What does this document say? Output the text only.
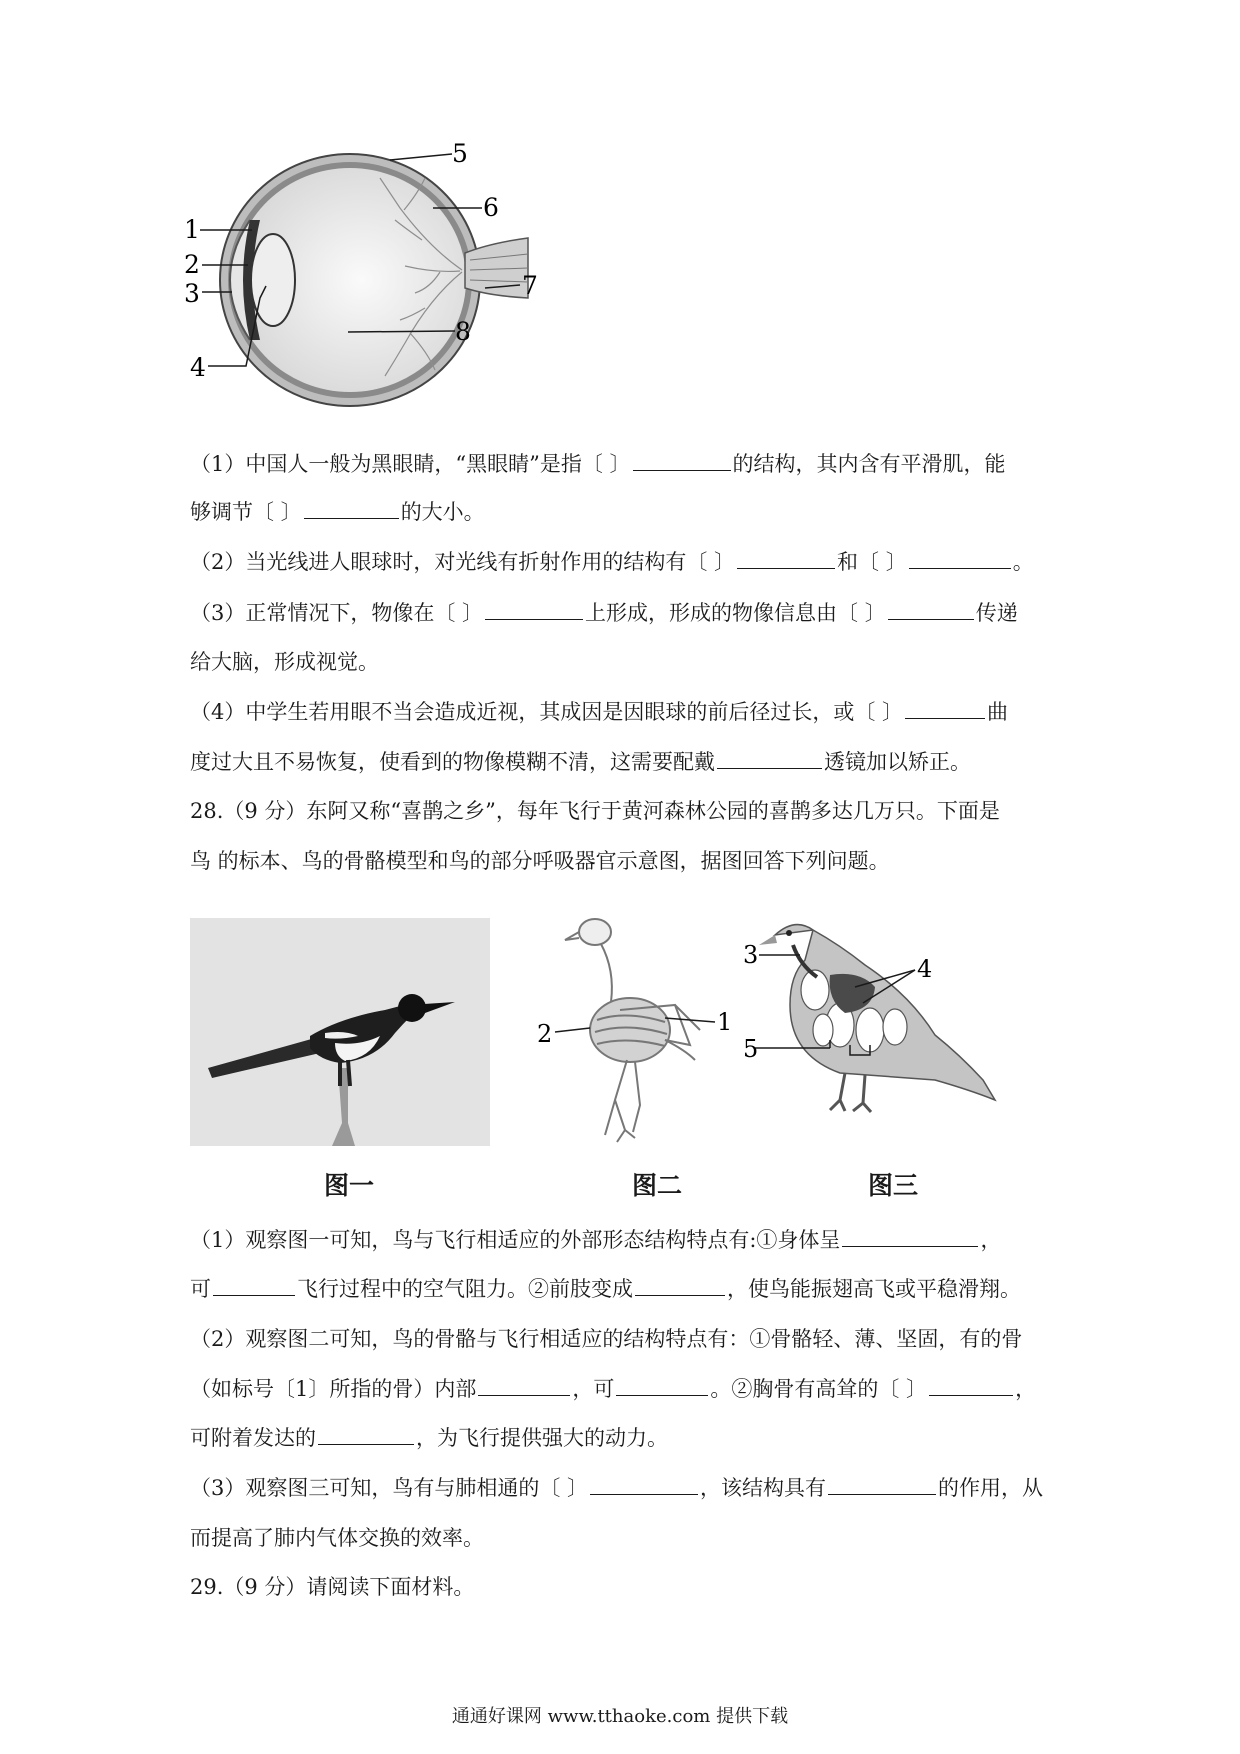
5
6
7
8
1
2
3
4
（1）中国人一般为黑眼睛，“黑眼睛”是指〔 〕	的结构，其内含有平滑肌，能
够调节〔 〕	的大小。
（2）当光线进人眼球时，对光线有折射作用的结构有〔 〕	和〔 〕	。
（3）正常情况下，物像在〔 〕	上形成，形成的物像信息由〔 〕	传递
给大脑，形成视觉。
（4）中学生若用眼不当会造成近视，其成因是因眼球的前后径过长，或〔 〕	曲
度过大且不易恢复，使看到的物像模糊不清，这需要配戴	透镜加以矫正。
28.（9 分）东阿又称“喜鹊之乡”，每年飞行于黄河森林公园的喜鹊多达几万只。下面是
鸟 的标本、鸟的骨骼模型和鸟的部分呼吸器官示意图，据图回答下列问题。
1
2
3	4
5
图一	图二	图三
（1）观察图一可知，鸟与飞行相适应的外部形态结构特点有:①身体呈	，
可	飞行过程中的空气阻力。②前肢变成	，使鸟能振翅高飞或平稳滑翔。
（2）观察图二可知，鸟的骨骼与飞行相适应的结构特点有：①骨骼轻、薄、坚固，有的骨
（如标号〔1〕所指的骨）内部	，可	。②胸骨有高耸的〔 〕	，
可附着发达的	，为飞行提供强大的动力。
（3）观察图三可知，鸟有与肺相通的〔 〕	，该结构具有	的作用，从
而提高了肺内气体交换的效率。
29.（9 分）请阅读下面材料。
通通好课网 www.tthaoke.com 提供下载
